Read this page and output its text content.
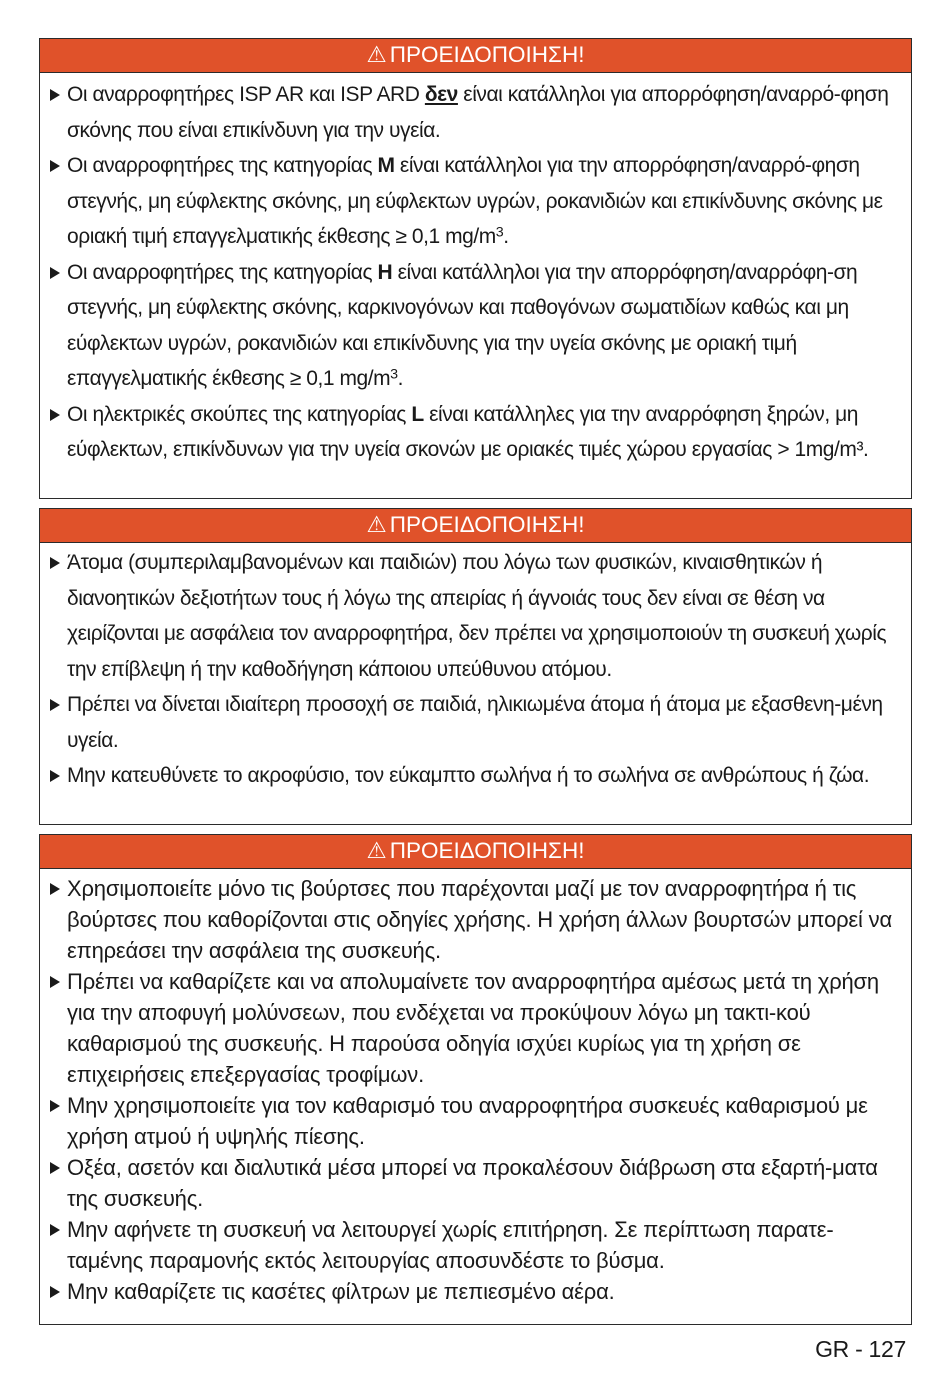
⚠ ΠΡΟΕΙΔΟΠΟΙΗΣΗ!
Οι αναρροφητήρες ISP AR και ISP ARD δεν είναι κατάλληλοι για απορρόφηση/αναρρό-φηση σκόνης που είναι επικίνδυνη για την υγεία.
Οι αναρροφητήρες της κατηγορίας M είναι κατάλληλοι για την απορρόφηση/αναρρό-φηση στεγνής, μη εύφλεκτης σκόνης, μη εύφλεκτων υγρών, ροκανιδιών και επικίνδυνης σκόνης με οριακή τιμή επαγγελματικής έκθεσης ≥ 0,1 $mg/m^3$.
Οι αναρροφητήρες της κατηγορίας H είναι κατάλληλοι για την απορρόφηση/αναρρόφη-ση στεγνής, μη εύφλεκτης σκόνης, καρκινογόνων και παθογόνων σωματιδίων καθώς και μη εύφλεκτων υγρών, ροκανιδιών και επικίνδυνης για την υγεία σκόνης με οριακή τιμή επαγγελματικής έκθεσης ≥ 0,1 $mg/m^3$.
Οι ηλεκτρικές σκούπες της κατηγορίας L είναι κατάλληλες για την αναρρόφηση ξηρών, μη εύφλεκτων, επικίνδυνων για την υγεία σκονών με οριακές τιμές χώρου εργασίας > 1mg/m³.
⚠ ΠΡΟΕΙΔΟΠΟΙΗΣΗ!
Άτομα (συμπεριλαμβανομένων και παιδιών) που λόγω των φυσικών, κιναισθητικών ή διανοητικών δεξιοτήτων τους ή λόγω της απειρίας ή άγνοιάς τους δεν είναι σε θέση να χειρίζονται με ασφάλεια τον αναρροφητήρα, δεν πρέπει να χρησιμοποιούν τη συσκευή χωρίς την επίβλεψη ή την καθοδήγηση κάποιου υπεύθυνου ατόμου.
Πρέπει να δίνεται ιδιαίτερη προσοχή σε παιδιά, ηλικιωμένα άτομα ή άτομα με εξασθενη-μένη υγεία.
Μην κατευθύνετε το ακροφύσιο, τον εύκαμπτο σωλήνα ή το σωλήνα σε ανθρώπους ή ζώα.
⚠ ΠΡΟΕΙΔΟΠΟΙΗΣΗ!
Χρησιμοποιείτε μόνο τις βούρτσες που παρέχονται μαζί με τον αναρροφητήρα ή τις βούρτσες που καθορίζονται στις οδηγίες χρήσης. Η χρήση άλλων βουρτσών μπορεί να επηρεάσει την ασφάλεια της συσκευής.
Πρέπει να καθαρίζετε και να απολυμαίνετε τον αναρροφητήρα αμέσως μετά τη χρήση για την αποφυγή μολύνσεων, που ενδέχεται να προκύψουν λόγω μη τακτι-κού καθαρισμού της συσκευής. Η παρούσα οδηγία ισχύει κυρίως για τη χρήση σε επιχειρήσεις επεξεργασίας τροφίμων.
Μην χρησιμοποιείτε για τον καθαρισμό του αναρροφητήρα συσκευές καθαρισμού με χρήση ατμού ή υψηλής πίεσης.
Οξέα, ασετόν και διαλυτικά μέσα μπορεί να προκαλέσουν διάβρωση στα εξαρτή-ματα της συσκευής.
Μην αφήνετε τη συσκευή να λειτουργεί χωρίς επιτήρηση. Σε περίπτωση παρατε-ταμένης παραμονής εκτός λειτουργίας αποσυνδέστε το βύσμα.
Μην καθαρίζετε τις κασέτες φίλτρων με πεπιεσμένο αέρα.
GR - 127
